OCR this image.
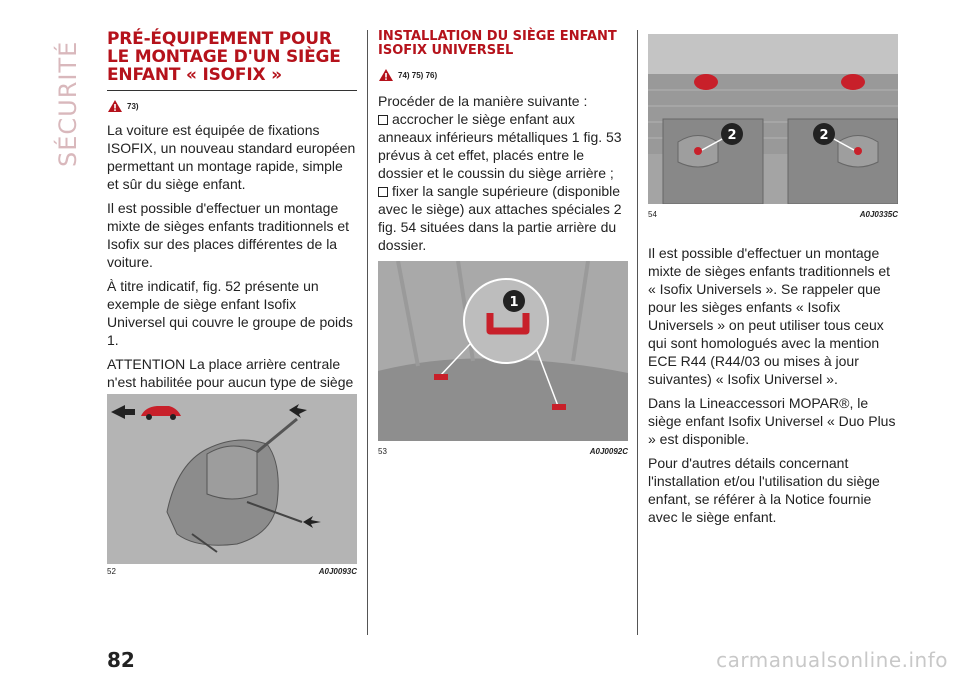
SÉCURITÉ
PRÉ-ÉQUIPEMENT POUR LE MONTAGE D'UN SIÈGE ENFANT « ISOFIX »
73)

La voiture est équipée de fixations ISOFIX, un nouveau standard européen permettant un montage rapide, simple et sûr du siège enfant.

Il est possible d'effectuer un montage mixte de sièges enfants traditionnels et Isofix sur des places différentes de la voiture.

À titre indicatif, fig. 52 présente un exemple de siège enfant Isofix Universel qui couvre le groupe de poids 1.

ATTENTION La place arrière centrale n'est habilitée pour aucun type de siège

52	A0J0093C
INSTALLATION DU SIÈGE ENFANT ISOFIX UNIVERSEL
74) 75) 76)

Procéder de la manière suivante :

accrocher le siège enfant aux anneaux inférieurs métalliques 1 fig. 53 prévus à cet effet, placés entre le dossier et le coussin du siège arrière ;

fixer la sangle supérieure (disponible avec le siège) aux attaches spéciales 2 fig. 54 situées dans la partie arrière du dossier.

1
53	A0J0092C
2	2
54	A0J0335C

Il est possible d'effectuer un montage mixte de sièges enfants traditionnels et « Isofix Universels ». Se rappeler que pour les sièges enfants « Isofix Universels » on peut utiliser tous ceux qui sont homologués avec la mention ECE R44 (R44/03 ou mises à jour suivantes) « Isofix Universel ».

Dans la Lineaccessori MOPAR®, le siège enfant Isofix Universel « Duo Plus » est disponible.

Pour d'autres détails concernant l'installation et/ou l'utilisation du siège enfant, se référer à la Notice fournie avec le siège enfant.

82	carmanualsonline.info
